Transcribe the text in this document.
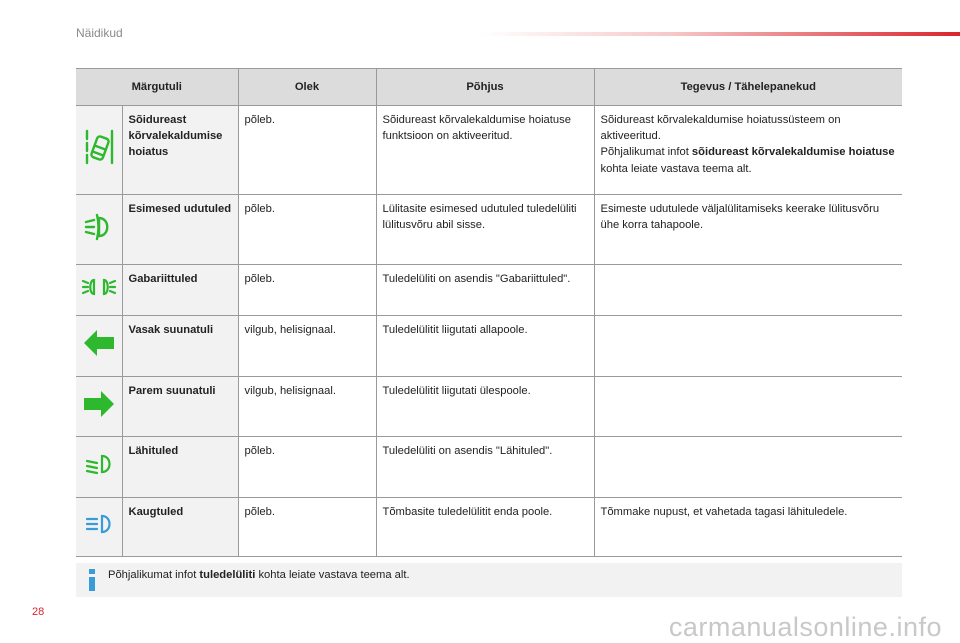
Näidikud
Märgutuli		Olek	Põhjus	Tegevus / Tähelepanekud
	Sõidureast kõrvalekaldumise hoiatus	põleb.	Sõidureast kõrvalekaldumise hoiatuse funktsioon on aktiveeritud.	Sõidureast kõrvalekaldumise hoiatussüsteem on aktiveeritud.
Põhjalikumat infot sõidureast kõrvalekaldumise hoiatuse kohta leiate vastava teema alt.
	Esimesed udutuled	põleb.	Lülitasite esimesed udutuled tuledelüliti lülitusvõru abil sisse.	Esimeste udutulede väljalülitamiseks keerake lülitusvõru ühe korra tahapoole.
	Gabariittuled	põleb.	Tuledelüliti on asendis "Gabariittuled".	
	Vasak suunatuli	vilgub, helisignaal.	Tuledelülitit liigutati allapoole.	
	Parem suunatuli	vilgub, helisignaal.	Tuledelülitit liigutati ülespoole.	
	Lähituled	põleb.	Tuledelüliti on asendis "Lähituled".	
	Kaugtuled	põleb.	Tõmbasite tuledelülitit enda poole.	Tõmmake nupust, et vahetada tagasi lähituledele.
Põhjalikumat infot tuledelüliti kohta leiate vastava teema alt.
28	carmanualsonline.info
